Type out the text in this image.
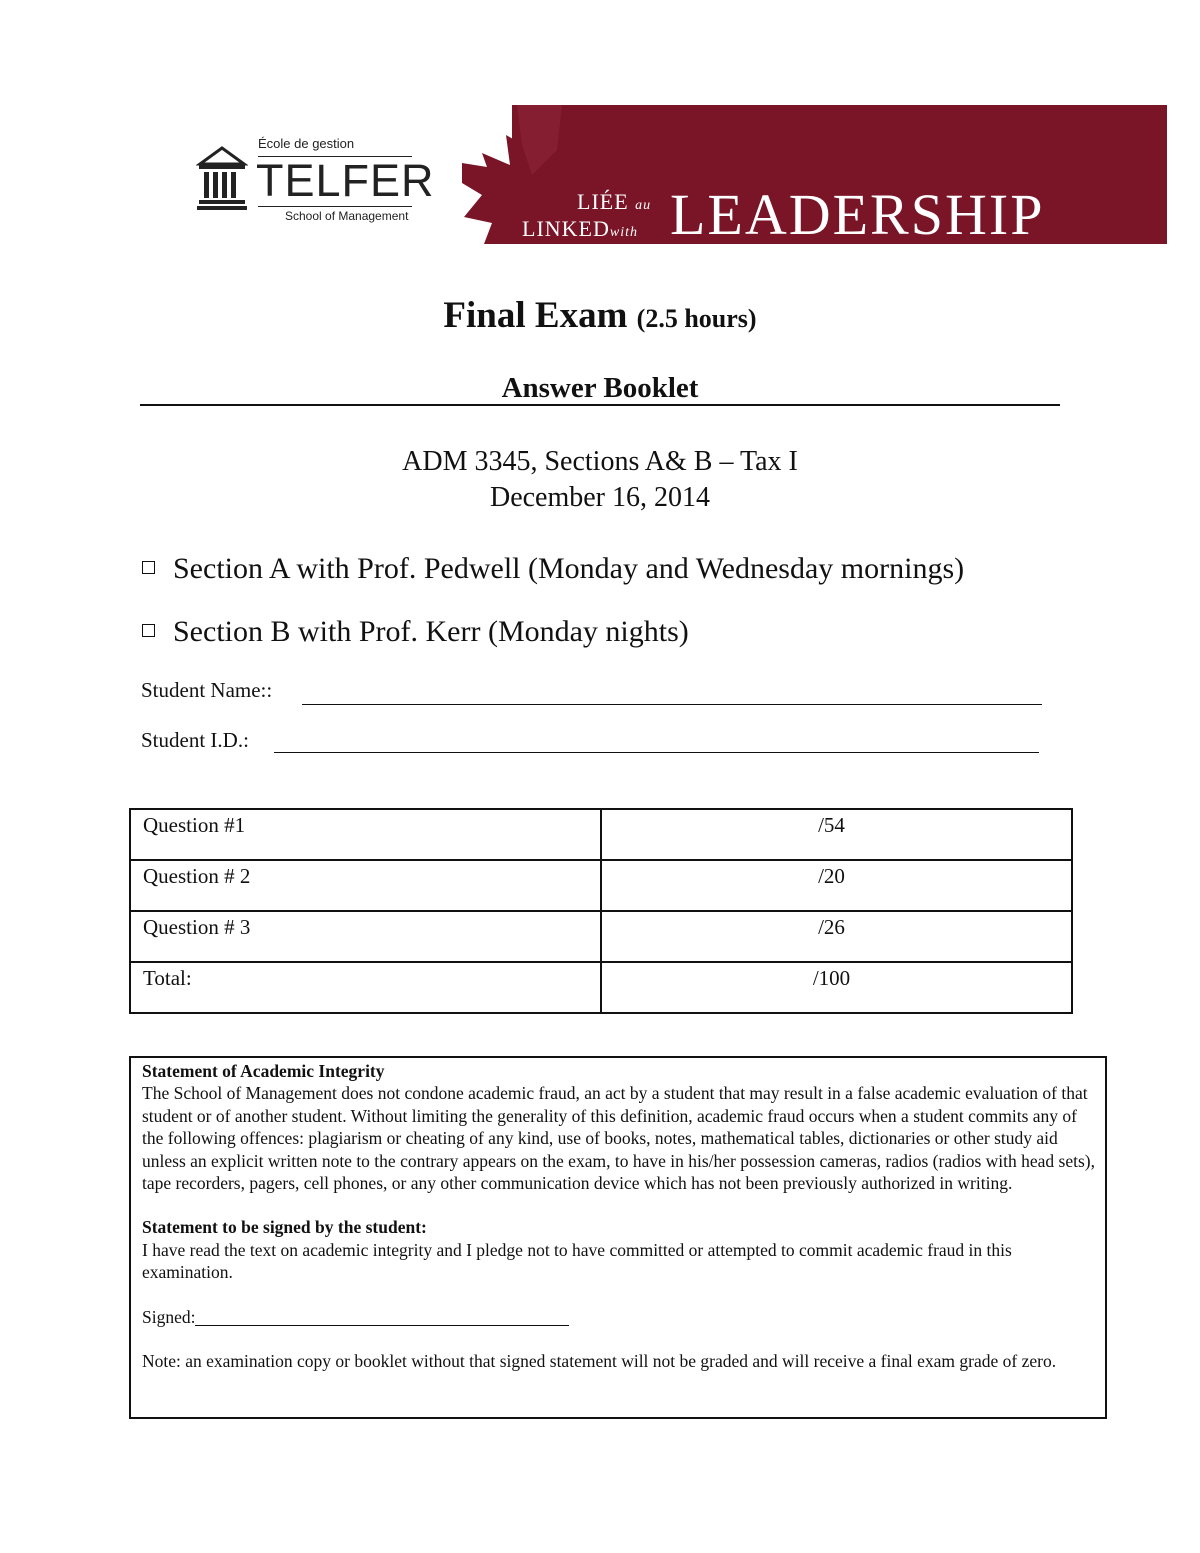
École de gestion
TELFER
School of Management
LIÉE au
LINKEDwith LEADERSHIP
Final Exam (2.5 hours)
Answer Booklet
ADM 3345, Sections A& B – Tax I
December 16, 2014
Section A with Prof. Pedwell (Monday and Wednesday mornings)
Section B with Prof. Kerr (Monday nights)
Student Name::
Student I.D.:
Question #1	/54
Question # 2	/20
Question # 3	/26
Total:	/100

Statement of Academic Integrity

The School of Management does not condone academic fraud, an act by a student that may result in a false academic evaluation of that student or of another student. Without limiting the generality of this definition, academic fraud occurs when a student commits any of the following offences: plagiarism or cheating of any kind, use of books, notes, mathematical tables, dictionaries or other study aid unless an explicit written note to the contrary appears on the exam, to have in his/her possession cameras, radios (radios with head sets), tape recorders, pagers, cell phones, or any other communication device which has not been previously authorized in writing.

Statement to be signed by the student:

I have read the text on academic integrity and I pledge not to have committed or attempted to commit academic fraud in this examination.

Signed:

Note: an examination copy or booklet without that signed statement will not be graded and will receive a final exam grade of zero.
